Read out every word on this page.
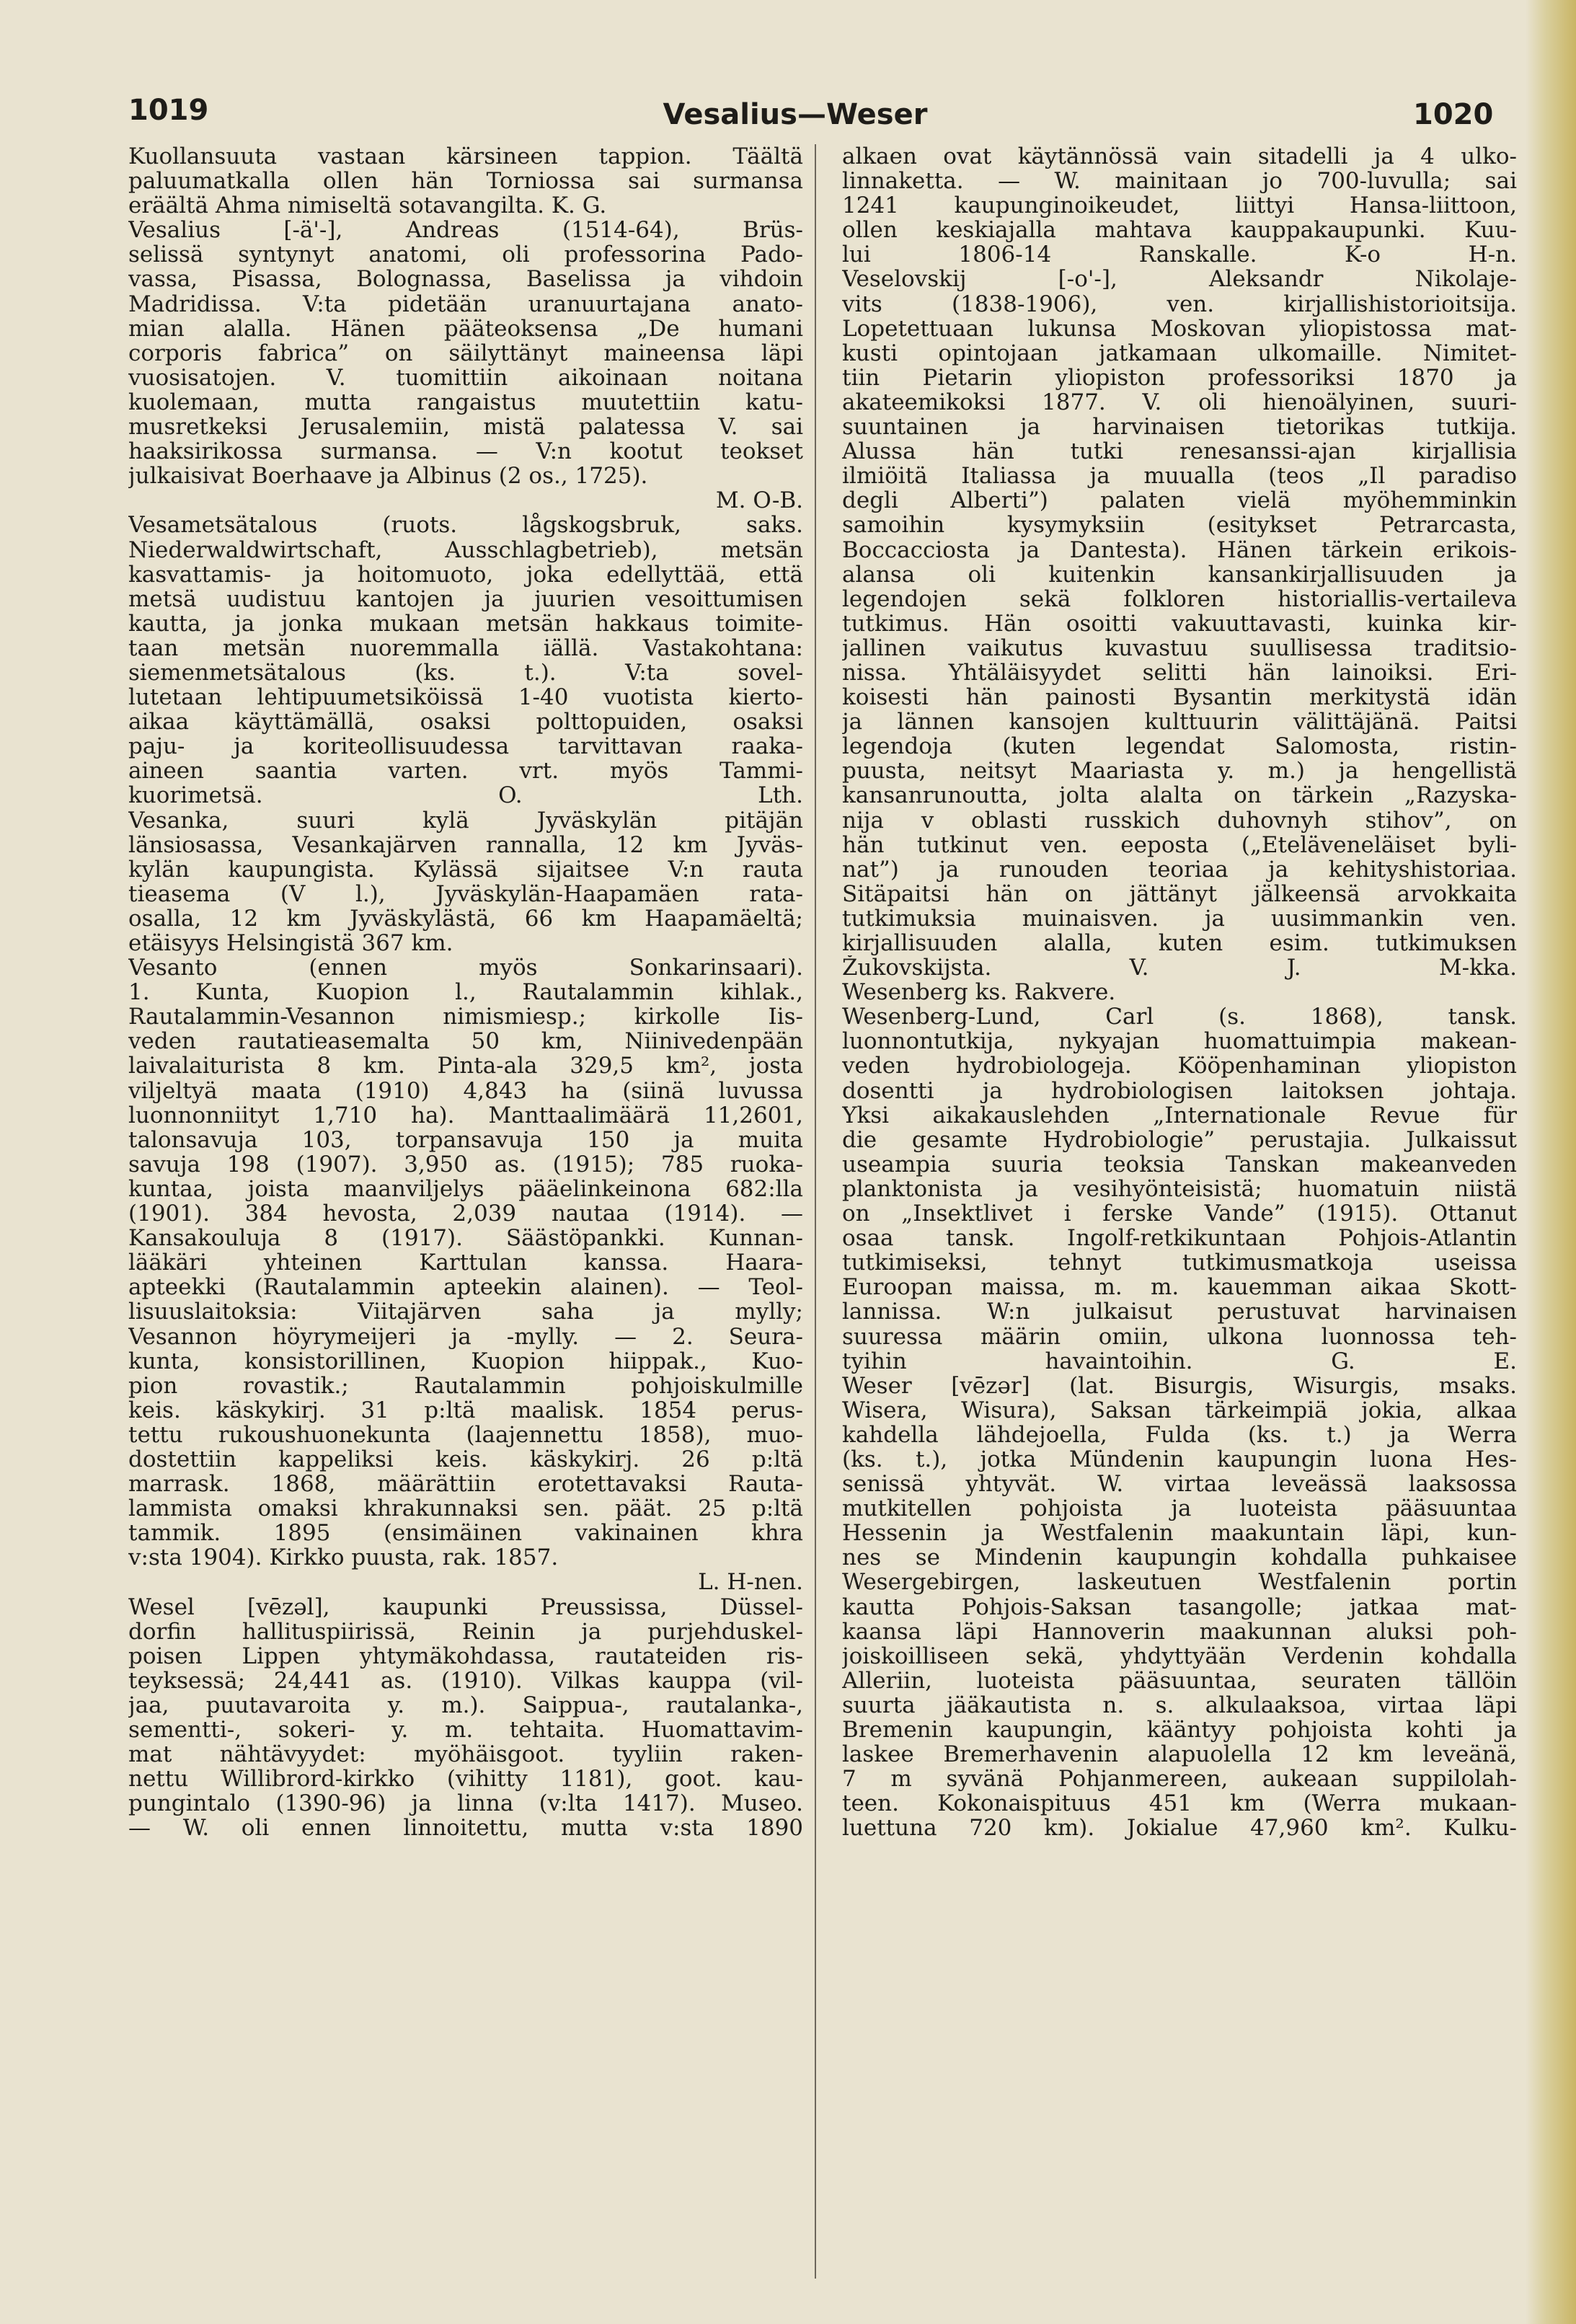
1019	Vesalius—Weser	1020
Kuollansuuta vastaan kärsineen tappion. Täältä
paluumatkalla ollen hän Torniossa sai surmansa
eräältä Ahma nimiseltä sotavangilta. K. G.
Vesalius [-ä'-], Andreas (1514-64), Brüs-
selissä syntynyt anatomi, oli professorina Pado-
vassa, Pisassa, Bolognassa, Baselissa ja vihdoin
Madridissa. V:ta pidetään uranuurtajana anato-
mian alalla. Hänen pääteoksensa „De humani
corporis fabrica” on säilyttänyt maineensa läpi
vuosisatojen. V. tuomittiin aikoinaan noitana
kuolemaan, mutta rangaistus muutettiin katu-
musretkeksi Jerusalemiin, mistä palatessa V. sai
haaksirikossa surmansa. — V:n kootut teokset
julkaisivat Boerhaave ja Albinus (2 os., 1725).
M. O-B.
Vesametsätalous (ruots. lågskogsbruk, saks.
Niederwaldwirtschaft, Ausschlagbetrieb), metsän
kasvattamis- ja hoitomuoto, joka edellyttää, että
metsä uudistuu kantojen ja juurien vesoittumisen
kautta, ja jonka mukaan metsän hakkaus toimite-
taan metsän nuoremmalla iällä. Vastakohtana:
siemenmetsätalous (ks. t.). V:ta sovel-
lutetaan lehtipuumetsiköissä 1-40 vuotista kierto-
aikaa käyttämällä, osaksi polttopuiden, osaksi
paju- ja koriteollisuudessa tarvittavan raaka-
aineen saantia varten. vrt. myös Tammi-
kuorimetsä. O. Lth.
Vesanka, suuri kylä Jyväskylän pitäjän
länsiosassa, Vesankajärven rannalla, 12 km Jyväs-
kylän kaupungista. Kylässä sijaitsee V:n rauta
tieasema (V l.), Jyväskylän-Haapamäen rata-
osalla, 12 km Jyväskylästä, 66 km Haapamäeltä;
etäisyys Helsingistä 367 km.
Vesanto (ennen myös Sonkarinsaari).
1. Kunta, Kuopion l., Rautalammin kihlak.,
Rautalammin-Vesannon nimismiesp.; kirkolle Iis-
veden rautatieasemalta 50 km, Niinivedenpään
laivalaiturista 8 km. Pinta-ala 329,5 km², josta
viljeltyä maata (1910) 4,843 ha (siinä luvussa
luonnonniityt 1,710 ha). Manttaalimäärä 11,2601,
talonsavuja 103, torpansavuja 150 ja muita
savuja 198 (1907). 3,950 as. (1915); 785 ruoka-
kuntaa, joista maanviljelys pääelinkeinona 682:lla
(1901). 384 hevosta, 2,039 nautaa (1914). —
Kansakouluja 8 (1917). Säästöpankki. Kunnan-
lääkäri yhteinen Karttulan kanssa. Haara-
apteekki (Rautalammin apteekin alainen). — Teol-
lisuuslaitoksia: Viitajärven saha ja mylly;
Vesannon höyrymeijeri ja -mylly. — 2. Seura-
kunta, konsistorillinen, Kuopion hiippak., Kuo-
pion rovastik.; Rautalammin pohjoiskulmille
keis. käskykirj. 31 p:ltä maalisk. 1854 perus-
tettu rukoushuonekunta (laajennettu 1858), muo-
dostettiin kappeliksi keis. käskykirj. 26 p:ltä
marrask. 1868, määrättiin erotettavaksi Rauta-
lammista omaksi khrakunnaksi sen. päät. 25 p:ltä
tammik. 1895 (ensimäinen vakinainen khra
v:sta 1904). Kirkko puusta, rak. 1857.
L. H-nen.
Wesel [vēzəl], kaupunki Preussissa, Düssel-
dorfin hallituspiirissä, Reinin ja purjehduskel-
poisen Lippen yhtymäkohdassa, rautateiden ris-
teyksessä; 24,441 as. (1910). Vilkas kauppa (vil-
jaa, puutavaroita y. m.). Saippua-, rautalanka-,
sementti-, sokeri- y. m. tehtaita. Huomattavim-
mat nähtävyydet: myöhäisgoot. tyyliin raken-
nettu Willibrord-kirkko (vihitty 1181), goot. kau-
pungintalo (1390-96) ja linna (v:lta 1417). Museo.
— W. oli ennen linnoitettu, mutta v:sta 1890
alkaen ovat käytännössä vain sitadelli ja 4 ulko-
linnaketta. — W. mainitaan jo 700-luvulla; sai
1241 kaupunginoikeudet, liittyi Hansa-liittoon,
ollen keskiajalla mahtava kauppakaupunki. Kuu-
lui 1806-14 Ranskalle. K-o H-n.
Veselovskij [-o'-], Aleksandr Nikolaje-
vits (1838-1906), ven. kirjallishistorioitsija.
Lopetettuaan lukunsa Moskovan yliopistossa mat-
kusti opintojaan jatkamaan ulkomaille. Nimitet-
tiin Pietarin yliopiston professoriksi 1870 ja
akateemikoksi 1877. V. oli hienoälyinen, suuri-
suuntainen ja harvinaisen tietorikas tutkija.
Alussa hän tutki renesanssi-ajan kirjallisia
ilmiöitä Italiassa ja muualla (teos „Il paradiso
degli Alberti”) palaten vielä myöhemminkin
samoihin kysymyksiin (esitykset Petrarcasta,
Boccacciosta ja Dantesta). Hänen tärkein erikois-
alansa oli kuitenkin kansankirjallisuuden ja
legendojen sekä folkloren historiallis-vertaileva
tutkimus. Hän osoitti vakuuttavasti, kuinka kir-
jallinen vaikutus kuvastuu suullisessa traditsio-
nissa. Yhtäläisyydet selitti hän lainoiksi. Eri-
koisesti hän painosti Bysantin merkitystä idän
ja lännen kansojen kulttuurin välittäjänä. Paitsi
legendoja (kuten legendat Salomosta, ristin-
puusta, neitsyt Maariasta y. m.) ja hengellistä
kansanrunoutta, jolta alalta on tärkein „Razyska-
nija v oblasti russkich duhovnyh stihov”, on
hän tutkinut ven. eeposta („Eteläveneläiset byli-
nat”) ja runouden teoriaa ja kehityshistoriaa.
Sitäpaitsi hän on jättänyt jälkeensä arvokkaita
tutkimuksia muinaisven. ja uusimmankin ven.
kirjallisuuden alalla, kuten esim. tutkimuksen
Žukovskijsta. V. J. M-kka.
Wesenberg ks. Rakvere.
Wesenberg-Lund, Carl (s. 1868), tansk.
luonnontutkija, nykyajan huomattuimpia makean-
veden hydrobiologeja. Kööpenhaminan yliopiston
dosentti ja hydrobiologisen laitoksen johtaja.
Yksi aikakauslehden „Internationale Revue für
die gesamte Hydrobiologie” perustajia. Julkaissut
useampia suuria teoksia Tanskan makeanveden
planktonista ja vesihyönteisistä; huomatuin niistä
on „Insektlivet i ferske Vande” (1915). Ottanut
osaa tansk. Ingolf-retkikuntaan Pohjois-Atlantin
tutkimiseksi, tehnyt tutkimusmatkoja useissa
Euroopan maissa, m. m. kauemman aikaa Skott-
lannissa. W:n julkaisut perustuvat harvinaisen
suuressa määrin omiin, ulkona luonnossa teh-
tyihin havaintoihin. G. E.
Weser [vēzər] (lat. Bisurgis, Wisurgis, msaks.
Wisera, Wisura), Saksan tärkeimpiä jokia, alkaa
kahdella lähdejoella, Fulda (ks. t.) ja Werra
(ks. t.), jotka Mündenin kaupungin luona Hes-
senissä yhtyvät. W. virtaa leveässä laaksossa
mutkitellen pohjoista ja luoteista pääsuuntaa
Hessenin ja Westfalenin maakuntain läpi, kun-
nes se Mindenin kaupungin kohdalla puhkaisee
Wesergebirgen, laskeutuen Westfalenin portin
kautta Pohjois-Saksan tasangolle; jatkaa mat-
kaansa läpi Hannoverin maakunnan aluksi poh-
joiskoilliseen sekä, yhdyttyään Verdenin kohdalla
Alleriin, luoteista pääsuuntaa, seuraten tällöin
suurta jääkautista n. s. alkulaaksoa, virtaa läpi
Bremenin kaupungin, kääntyy pohjoista kohti ja
laskee Bremerhavenin alapuolella 12 km leveänä,
7 m syvänä Pohjanmereen, aukeaan suppilolah-
teen. Kokonaispituus 451 km (Werra mukaan-
luettuna 720 km). Jokialue 47,960 km². Kulku-
